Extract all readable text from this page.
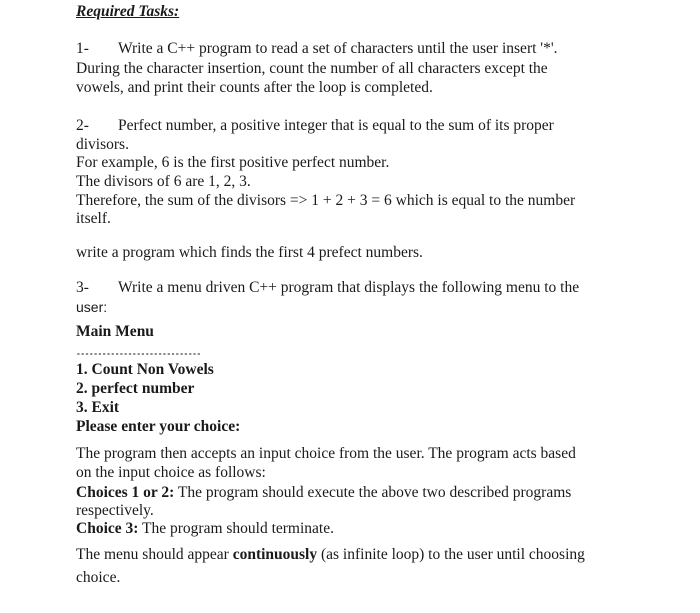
Required Tasks:
1- Write a C++ program to read a set of characters until the user insert '*'.
During the character insertion, count the number of all characters except the
vowels, and print their counts after the loop is completed.
2- Perfect number, a positive integer that is equal to the sum of its proper
divisors.
For example, 6 is the first positive perfect number.
The divisors of 6 are 1, 2, 3.
Therefore, the sum of the divisors => 1 + 2 + 3 = 6 which is equal to the number
itself.
write a program which finds the first 4 prefect numbers.
3- Write a menu driven C++ program that displays the following menu to the
user:
Main Menu
-----------------------------
1. Count Non Vowels
2. perfect number
3. Exit
Please enter your choice:
The program then accepts an input choice from the user. The program acts based
on the input choice as follows:
Choices 1 or 2: The program should execute the above two described programs
respectively.
Choice 3: The program should terminate.
The menu should appear continuously (as infinite loop) to the user until choosing
choice.
